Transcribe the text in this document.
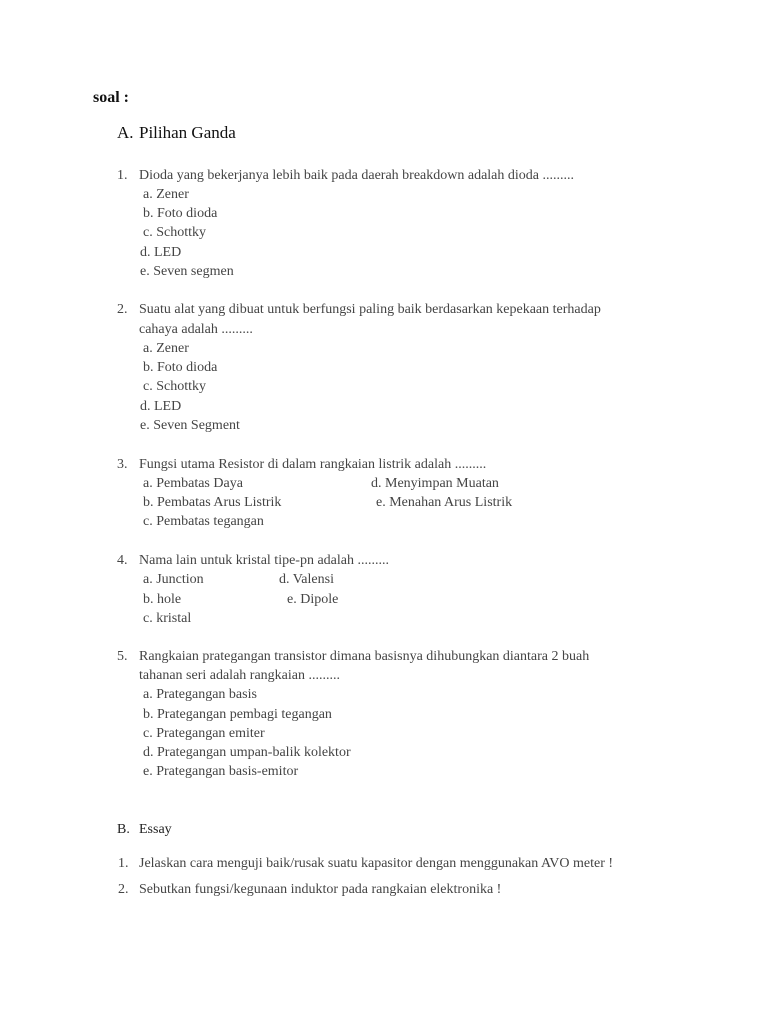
soal :
A. Pilihan Ganda
1. Dioda yang bekerjanya lebih baik pada daerah breakdown adalah dioda .........
a. Zener
b. Foto dioda
c. Schottky
d. LED
e. Seven segmen
2. Suatu alat yang dibuat untuk berfungsi paling baik berdasarkan kepekaan terhadap
cahaya adalah .........
a. Zener
b. Foto dioda
c. Schottky
d. LED
e. Seven Segment
3. Fungsi utama Resistor di dalam rangkaian listrik adalah .........
a. Pembatas Daya	d. Menyimpan Muatan
b. Pembatas Arus Listrik	e. Menahan Arus Listrik
c. Pembatas tegangan
4. Nama lain untuk kristal tipe-pn adalah .........
a. Junction	d. Valensi
b. hole	e. Dipole
c. kristal
5. Rangkaian prategangan transistor dimana basisnya dihubungkan diantara 2 buah
tahanan seri adalah rangkaian .........
a. Prategangan basis
b. Prategangan pembagi tegangan
c. Prategangan emiter
d. Prategangan umpan-balik kolektor
e. Prategangan basis-emitor
B. Essay
1. Jelaskan cara menguji baik/rusak suatu kapasitor dengan menggunakan AVO meter !
2. Sebutkan fungsi/kegunaan induktor pada rangkaian elektronika !
